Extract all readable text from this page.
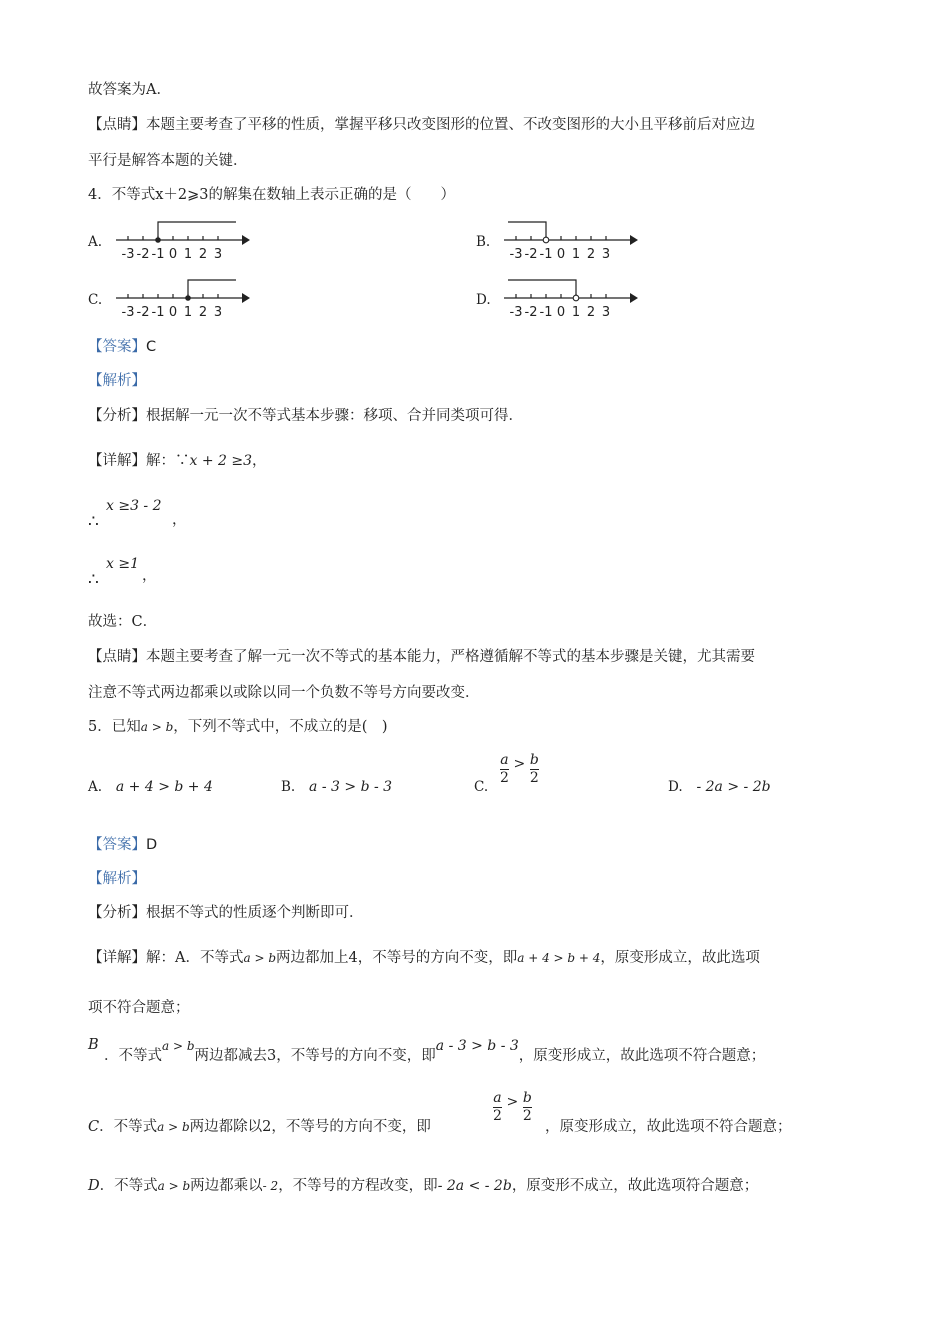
故答案为A．
【点睛】本题主要考查了平移的性质，掌握平移只改变图形的位置、不改变图形的大小且平移前后对应边
平行是解答本题的关键．
4．不等式x＋2⩾3的解集在数轴上表示正确的是（　　）
A.	B.
C.	D.
-3 -2 -1 0 1 2 3	-3 -2 -1 0 1 2 3
-3 -2 -1 0 1 2 3	-3 -2 -1 0 1 2 3
【答案】C
【解析】
【分析】根据解一元一次不等式基本步骤：移项、合并同类项可得．
【详解】解：∵x + 2 ≥3，
∴
x ≥3 - 2
，
∴
x ≥1
，
故选：C．
【点睛】本题主要考查了解一元一次不等式的基本能力，严格遵循解不等式的基本步骤是关键，尤其需要
注意不等式两边都乘以或除以同一个负数不等号方向要改变．
5．已知a > b，下列不等式中，不成立的是(　)
A. a + 4 > b + 4	B. a - 3 > b - 3	C. $\frac{a}{2} > \frac{b}{2}$	D. - 2a > - 2b
【答案】D
【解析】
【分析】根据不等式的性质逐个判断即可．
【详解】解：A．不等式a > b两边都加上4，不等号的方向不变，即a + 4 > b + 4，原变形成立，故此选项
项不符合题意；
B
．不等式$^{a > b}$两边都减去3，不等号的方向不变，即a - 3 > b - 3，原变形成立，故此选项不符合题意；
C．不等式a > b两边都除以2，不等号的方向不变，即
$\frac{a}{2} > \frac{b}{2}$
，原变形成立，故此选项不符合题意；
D．不等式a > b两边都乘以- 2，不等号的方程改变，即- 2a < - 2b，原变形不成立，故此选项符合题意；
